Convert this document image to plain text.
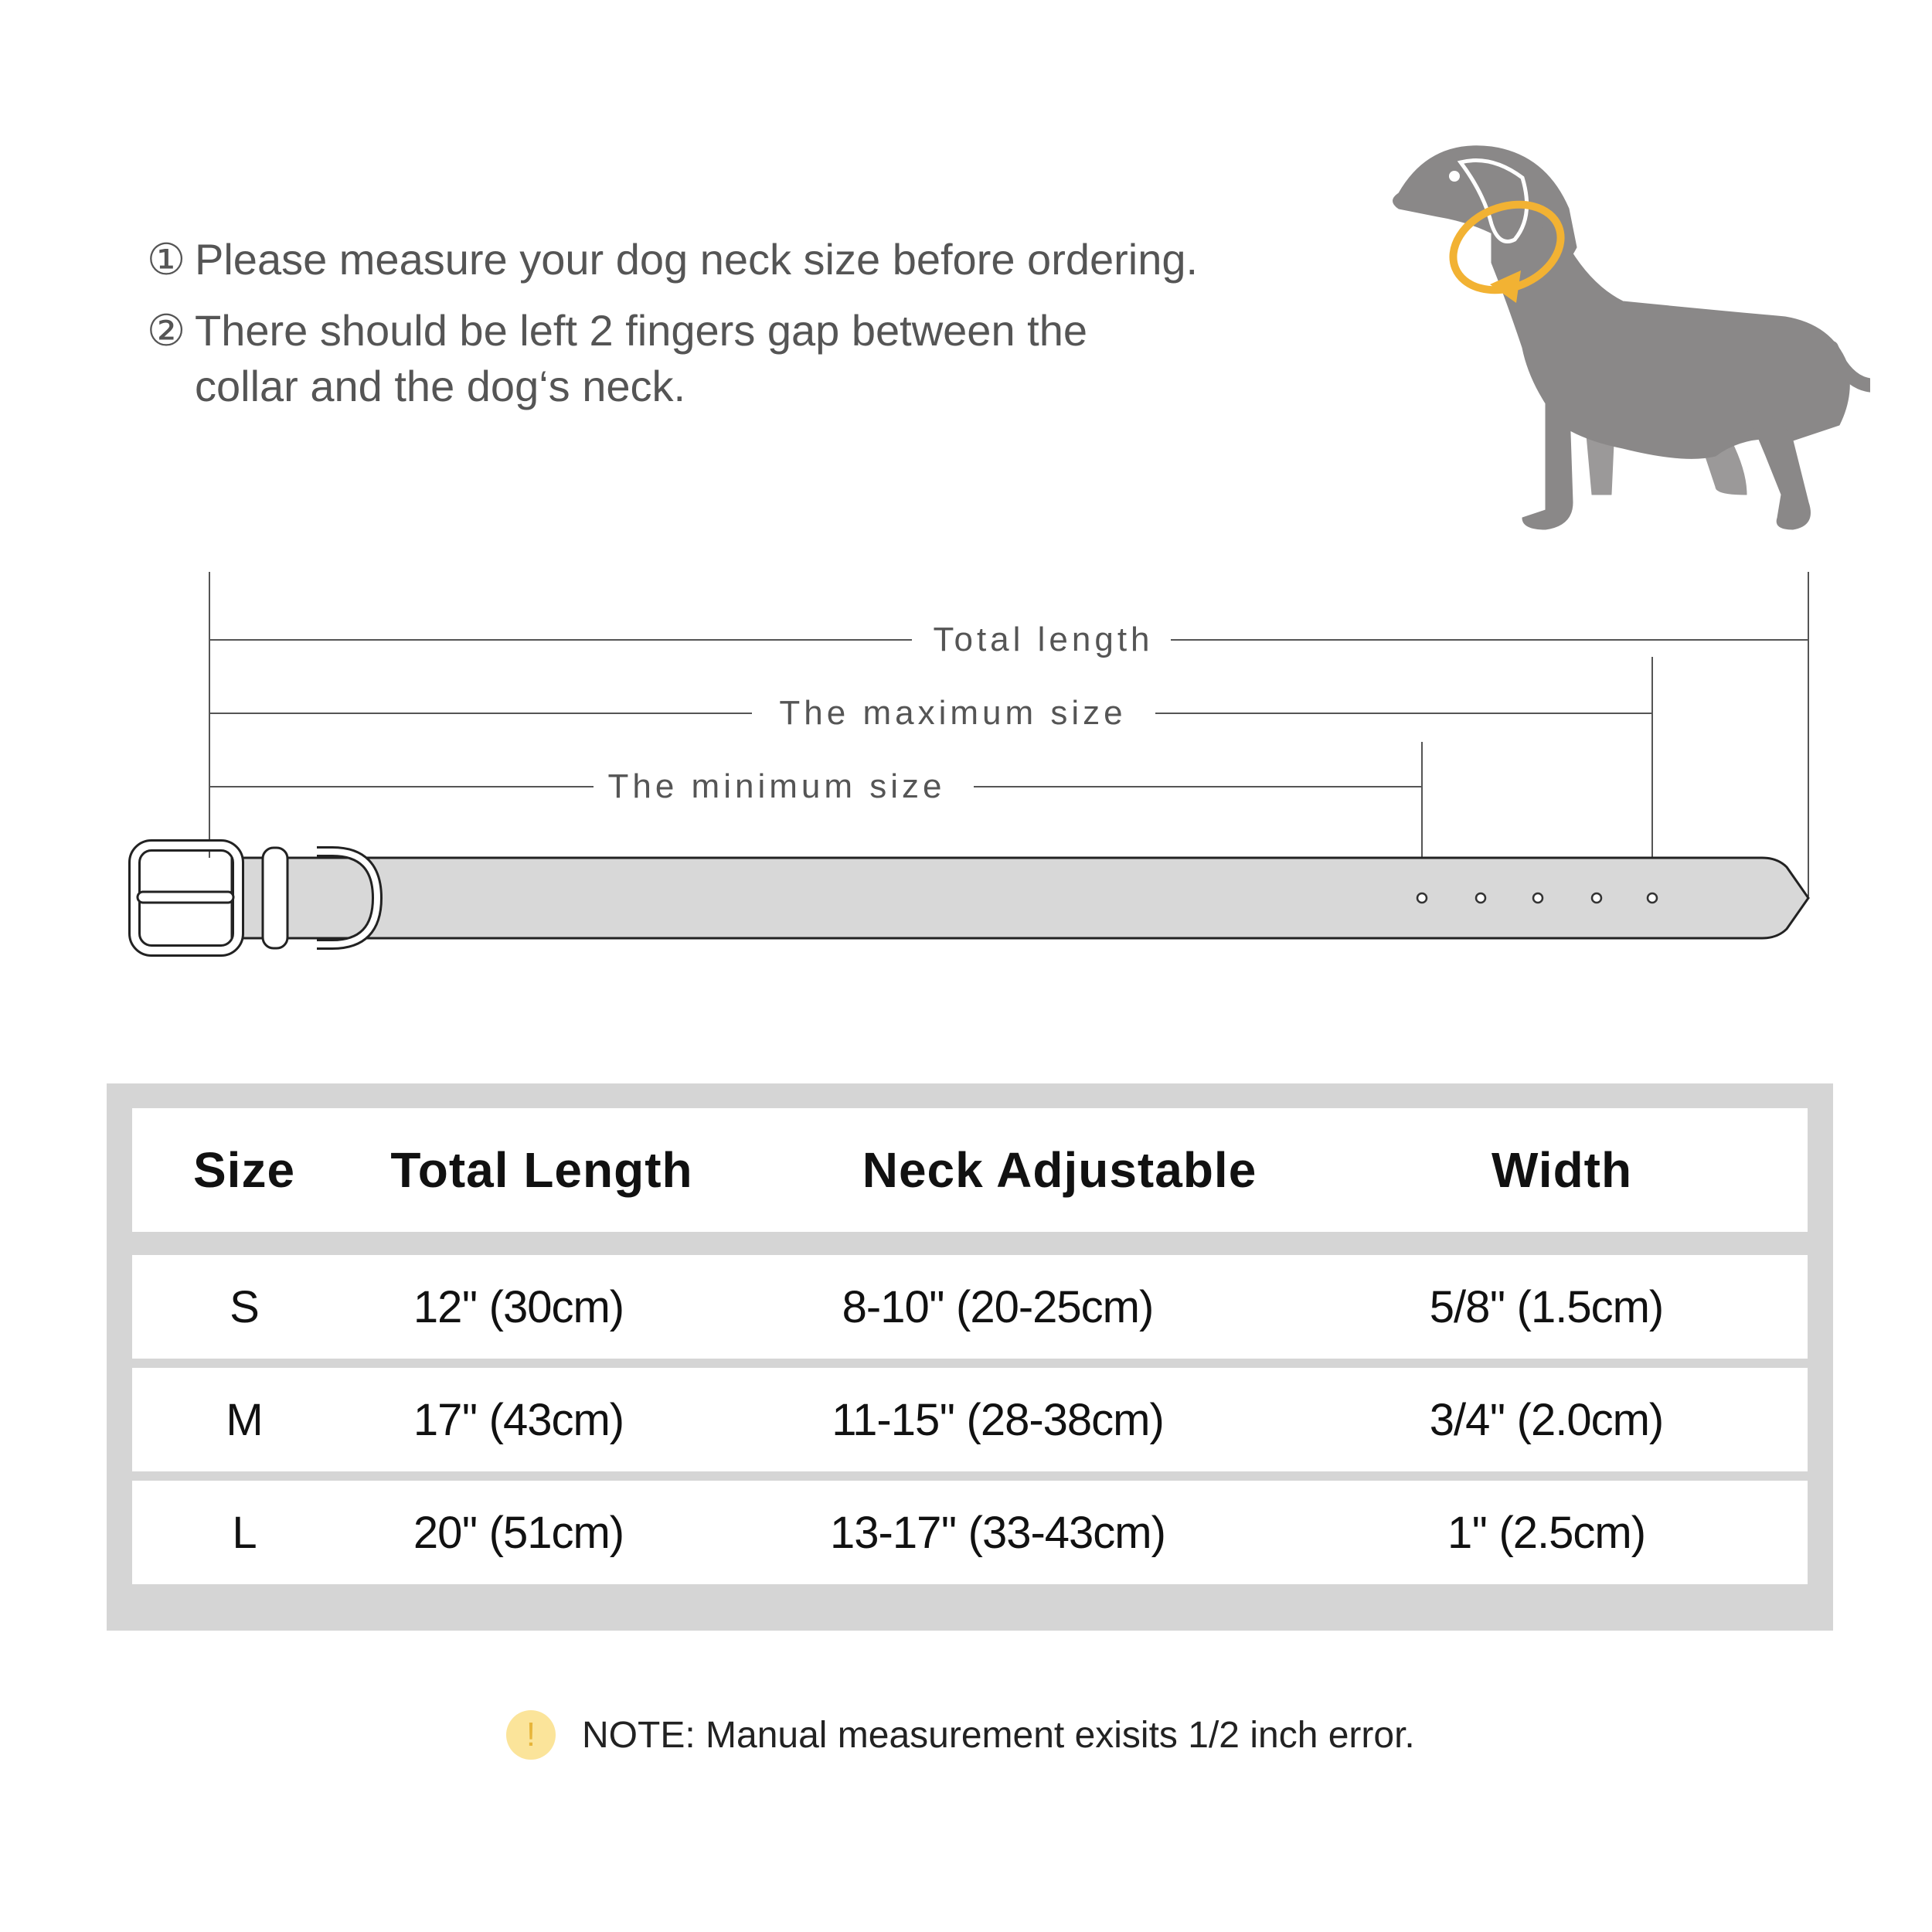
① Please measure your dog neck size before ordering.
② There should be left 2 fingers gap between the
collar and the dog‘s neck.
Total length
The maximum size
The minimum size
Size	Total Length	Neck Adjustable	Width
S	12'' (30cm)	8-10'' (20-25cm)	5/8'' (1.5cm)
M	17'' (43cm)	11-15'' (28-38cm)	3/4'' (2.0cm)
L	20'' (51cm)	13-17'' (33-43cm)	1'' (2.5cm)
!	NOTE: Manual measurement exisits 1/2 inch error.
